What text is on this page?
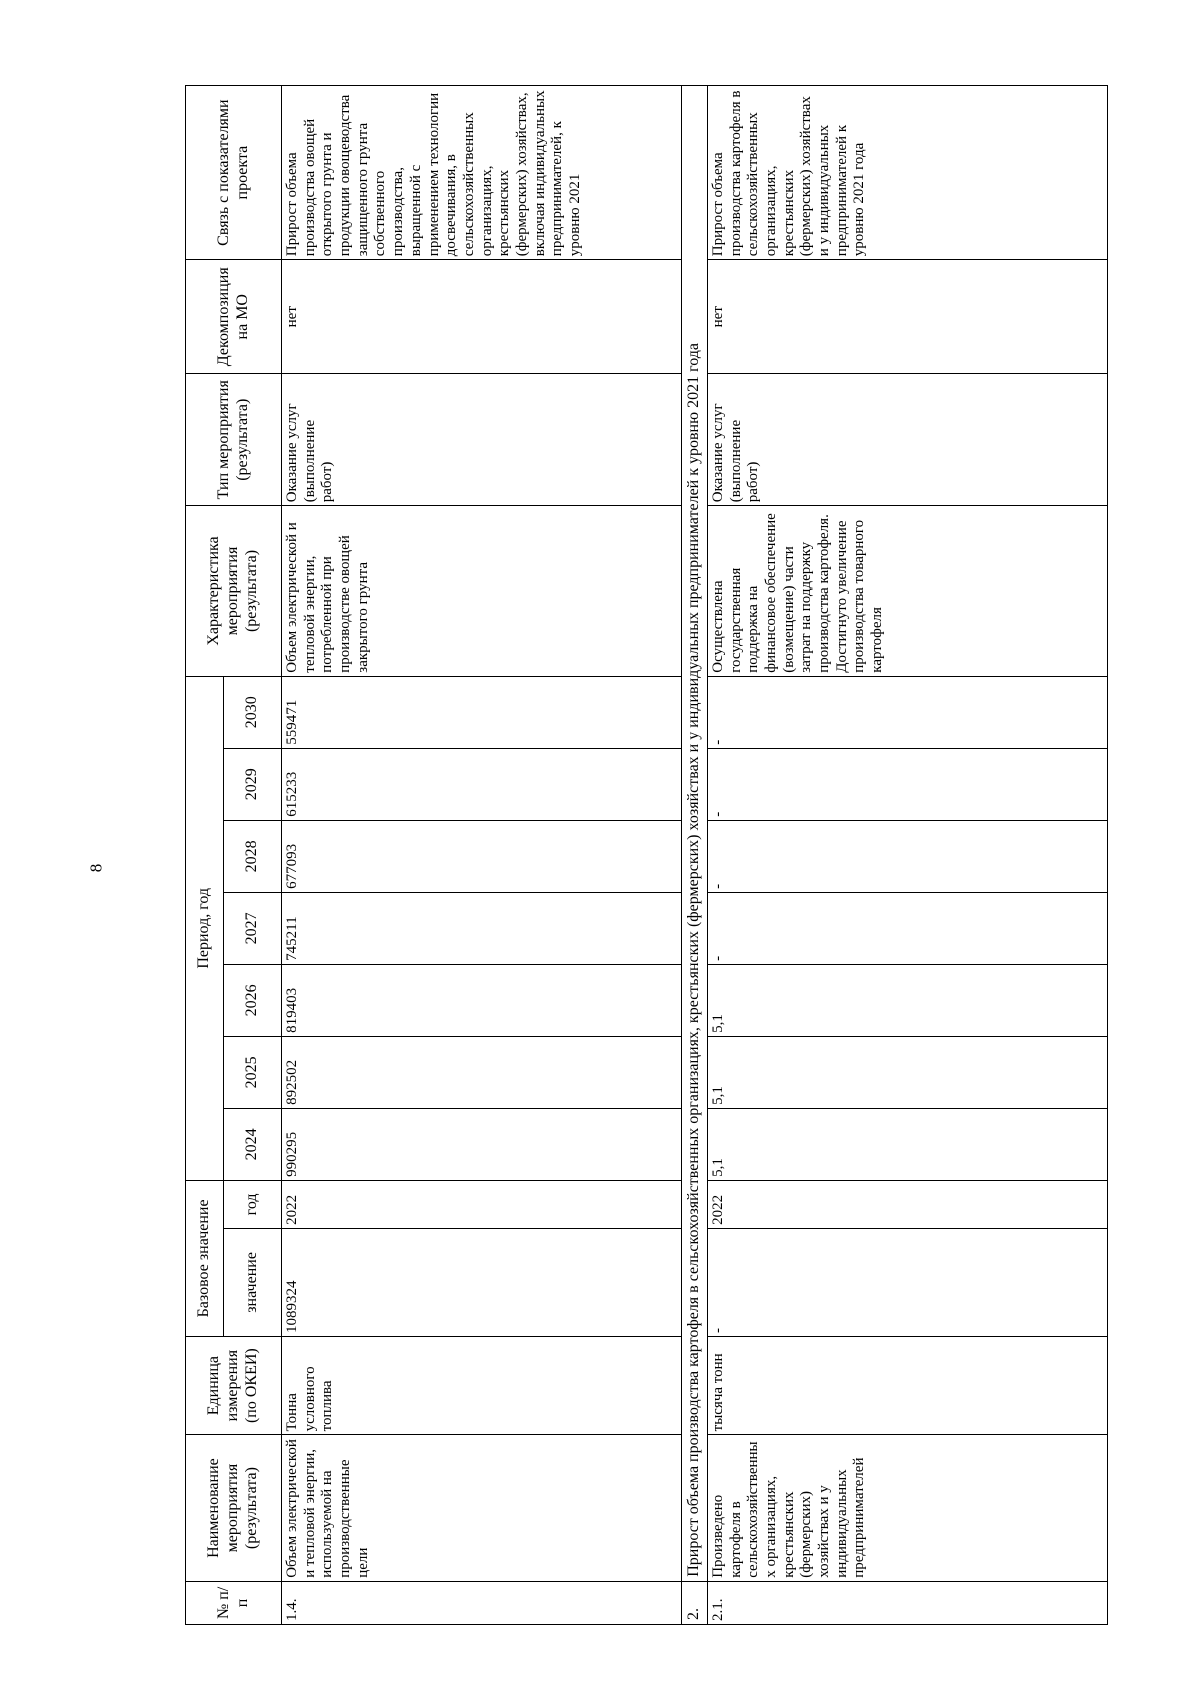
8
№ п/п	Наименование мероприятия (результата)	Единица измерения (по ОКЕИ)	Базовое значение		Период, год							Характеристика мероприятия (результата)	Тип мероприятия (результата)	Декомпозиция на МО	Связь с показателями проекта
			значение	год	2024	2025	2026	2027	2028	2029	2030				
1.4.	Объем электрической и тепловой энергии, используемой на производственные цели	Тонна условного топлива	1089324	2022	990295	892502	819403	745211	677093	615233	559471	Объем электрической и тепловой энергии, потребленной при производстве овощей закрытого грунта	Оказание услуг (выполнение работ)	нет	Прирост объема производства овощей открытого грунта и продукции овощеводства защищенного грунта собственного производства, выращенной с применением технологии досвечивания, в сельскохозяйственных организациях, крестьянских (фермерских) хозяйствах, включая индивидуальных предпринимателей, к уровню 2021
2.	Прирост объема производства картофеля в сельскохозяйственных организациях, крестьянских (фермерских) хозяйствах и у индивидуальных предпринимателей к уровню 2021 года														
2.1.	Произведено картофеля в сельскохозяйственных организациях, крестьянских (фермерских) хозяйствах и у индивидуальных предпринимателей	тысяча тонн	-	2022	5,1	5,1	5,1	-	-	-	-	Осуществлена государственная поддержка на финансовое обеспечение (возмещение) части затрат на поддержку производства картофеля. Достигнуто увеличение производства товарного картофеля	Оказание услуг (выполнение работ)	нет	Прирост объема производства картофеля в сельскохозяйственных организациях, крестьянских (фермерских) хозяйствах и у индивидуальных предпринимателей к уровню 2021 года
